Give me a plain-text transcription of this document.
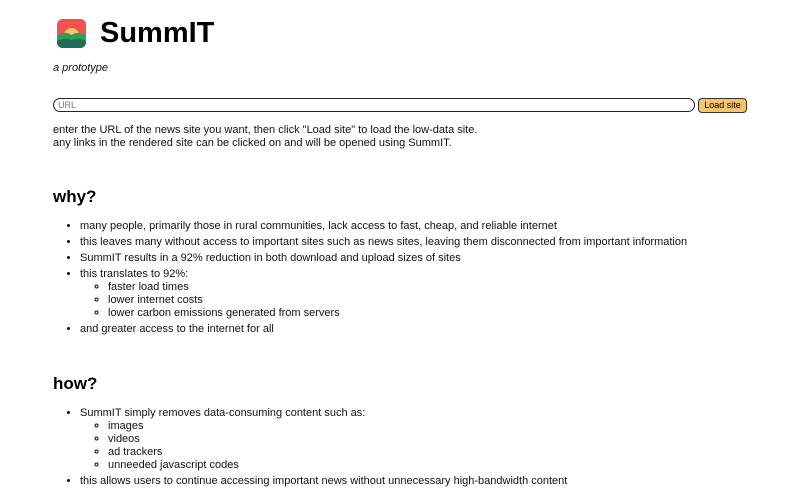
SummIT
a prototype
URL
Load site
enter the URL of the news site you want, then click "Load site" to load the low-data site.
any links in the rendered site can be clicked on and will be opened using SummIT.
why?
• many people, primarily those in rural communities, lack access to fast, cheap, and reliable internet
• this leaves many without access to important sites such as news sites, leaving them disconnected from important information
• SummIT results in a 92% reduction in both download and upload sizes of sites
• this translates to 92%:
◦ faster load times
◦ lower internet costs
◦ lower carbon emissions generated from servers
• and greater access to the internet for all
how?
• SummIT simply removes data-consuming content such as:
◦ images
◦ videos
◦ ad trackers
◦ unneeded javascript codes
• this allows users to continue accessing important news without unnecessary high-bandwidth content
